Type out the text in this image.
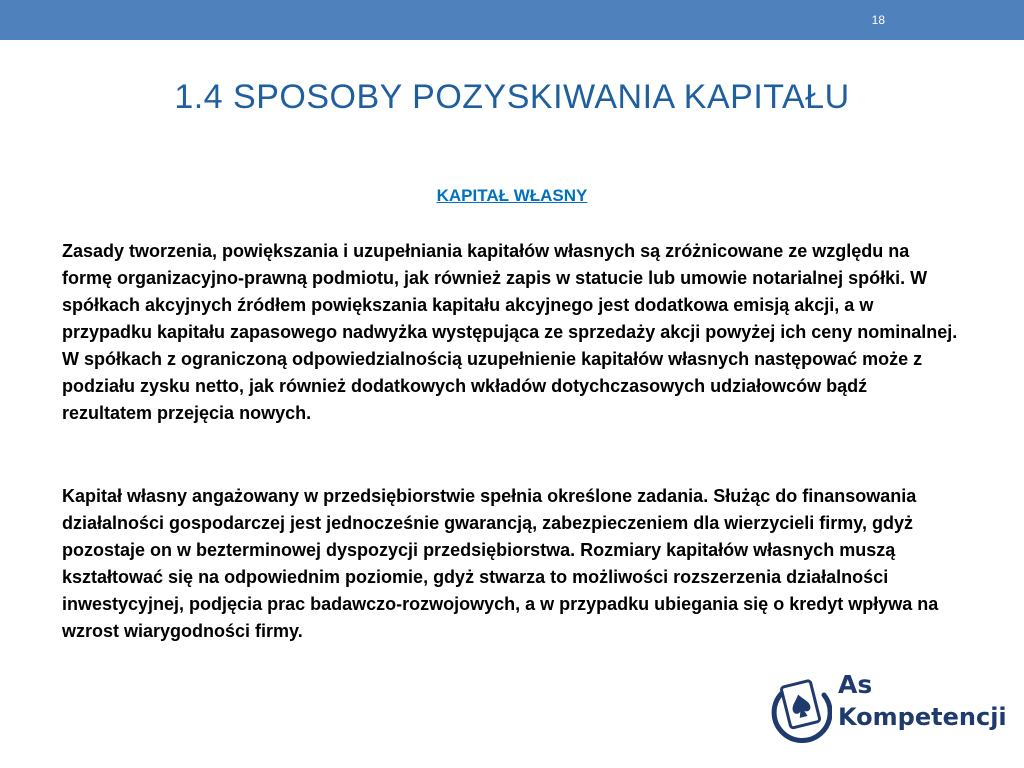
18
1.4 SPOSOBY POZYSKIWANIA KAPITAŁU
KAPITAŁ WŁASNY

Zasady tworzenia, powiększania i uzupełniania kapitałów własnych są zróżnicowane ze względu na formę organizacyjno-prawną podmiotu, jak również zapis w statucie lub umowie notarialnej spółki. W spółkach akcyjnych źródłem powiększania kapitału akcyjnego jest dodatkowa emisją akcji, a w przypadku kapitału zapasowego nadwyżka występująca ze sprzedaży akcji powyżej ich ceny nominalnej. W spółkach z ograniczoną odpowiedzialnością uzupełnienie kapitałów własnych następować może z podziału zysku netto, jak również dodatkowych wkładów dotychczasowych udziałowców bądź rezultatem przejęcia nowych.

Kapitał własny angażowany w przedsiębiorstwie spełnia określone zadania. Służąc do finansowania działalności gospodarczej jest jednocześnie gwarancją, zabezpieczeniem dla wierzycieli firmy, gdyż pozostaje on w bezterminowej dyspozycji przedsiębiorstwa. Rozmiary kapitałów własnych muszą kształtować się na odpowiednim poziomie, gdyż stwarza to możliwości rozszerzenia działalności inwestycyjnej, podjęcia prac badawczo-rozwojowych, a w przypadku ubiegania się o kredyt wpływa na wzrost wiarygodności firmy.

As
Kompetencji
